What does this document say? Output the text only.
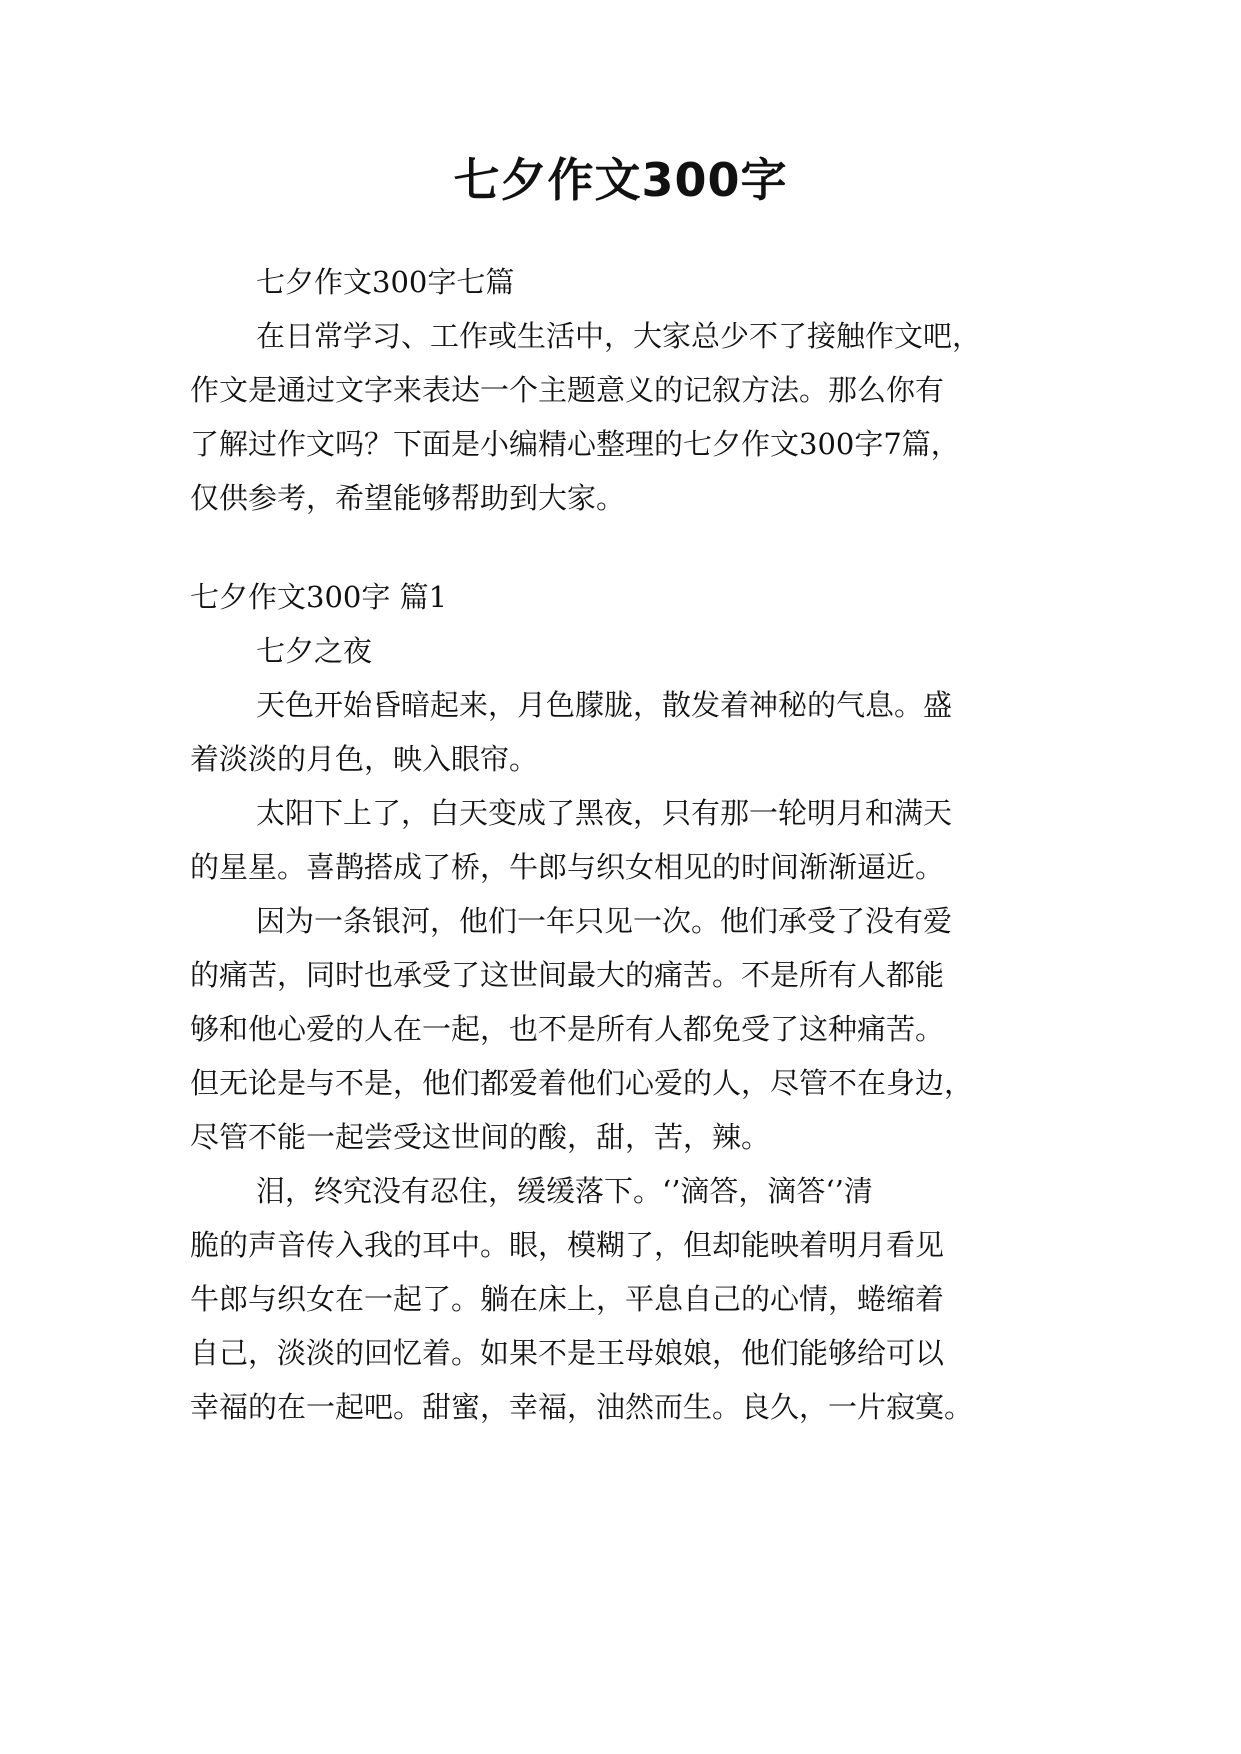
七夕作文300字

七夕作文300字七篇

在日常学习、工作或生活中，大家总少不了接触作文吧，

作文是通过文字来表达一个主题意义的记叙方法。那么你有

了解过作文吗？下面是小编精心整理的七夕作文300字7篇，

仅供参考，希望能够帮助到大家。

七夕作文300字 篇1

七夕之夜

天色开始昏暗起来，月色朦胧，散发着神秘的气息。盛

着淡淡的月色，映入眼帘。

太阳下上了，白天变成了黑夜，只有那一轮明月和满天

的星星。喜鹊搭成了桥，牛郎与织女相见的时间渐渐逼近。

因为一条银河，他们一年只见一次。他们承受了没有爱

的痛苦，同时也承受了这世间最大的痛苦。不是所有人都能

够和他心爱的人在一起，也不是所有人都免受了这种痛苦。

但无论是与不是，他们都爱着他们心爱的人，尽管不在身边，

尽管不能一起尝受这世间的酸，甜，苦，辣。

泪，终究没有忍住，缓缓落下。‘’滴答，滴答‘’清

脆的声音传入我的耳中。眼，模糊了，但却能映着明月看见

牛郎与织女在一起了。躺在床上，平息自己的心情，蜷缩着

自己，淡淡的回忆着。如果不是王母娘娘，他们能够给可以

幸福的在一起吧。甜蜜，幸福，油然而生。良久，一片寂寞。
